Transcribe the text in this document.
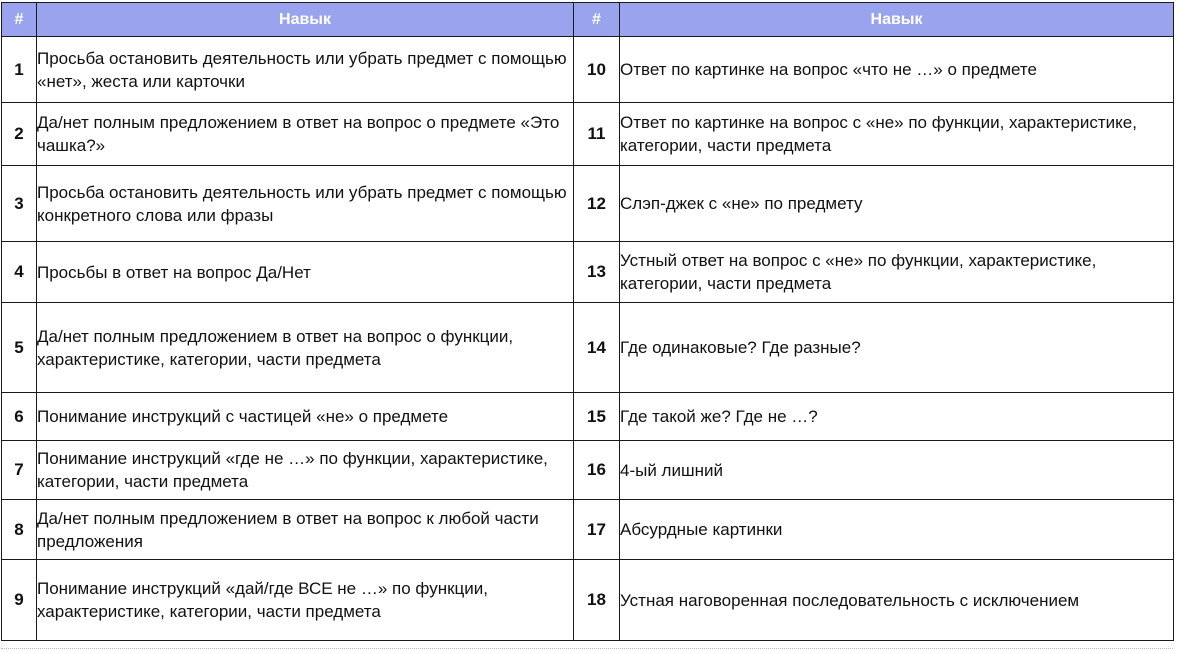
#	Навык	#	Навык
1	Просьба остановить деятельность или убрать предмет с помощью «нет», жеста или карточки	10	Ответ по картинке на вопрос «что не …» о предмете
2	Да/нет полным предложением в ответ на вопрос о предмете «Это чашка?»	11	Ответ по картинке на вопрос с «не» по функции, характеристике, категории, части предмета
3	Просьба остановить деятельность или убрать предмет с помощью конкретного слова или фразы	12	Слэп-джек с «не» по предмету
4	Просьбы в ответ на вопрос Да/Нет	13	Устный ответ на вопрос с «не» по функции, характеристике, категории, части предмета
5	Да/нет полным предложением в ответ на вопрос о функции, характеристике, категории, части предмета	14	Где одинаковые? Где разные?
6	Понимание инструкций с частицей «не» о предмете	15	Где такой же? Где не …?
7	Понимание инструкций «где не …» по функции, характеристике, категории, части предмета	16	4-ый лишний
8	Да/нет полным предложением в ответ на вопрос к любой части предложения	17	Абсурдные картинки
9	Понимание инструкций «дай/где ВСЕ не …» по функции, характеристике, категории, части предмета	18	Устная наговоренная последовательность с исключением
